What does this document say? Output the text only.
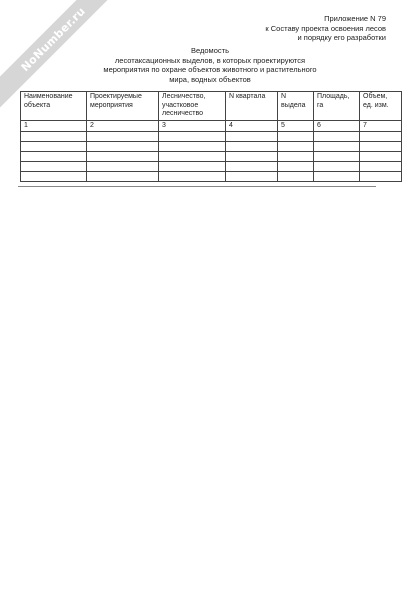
NoNumber.ru	Приложение N 79
к Составу проекта освоения лесов
и порядку его разработки
Ведомость
лесотаксационных выделов, в которых проектируются
мероприятия по охране объектов животного и растительного
мира, водных объектов
Наименование объекта	Проектируемые мероприятия	Лесничество, участковое лесничество	N квартала	N выдела	Площадь, га	Объем, ед. изм.
1	2	3	4	5	6	7
